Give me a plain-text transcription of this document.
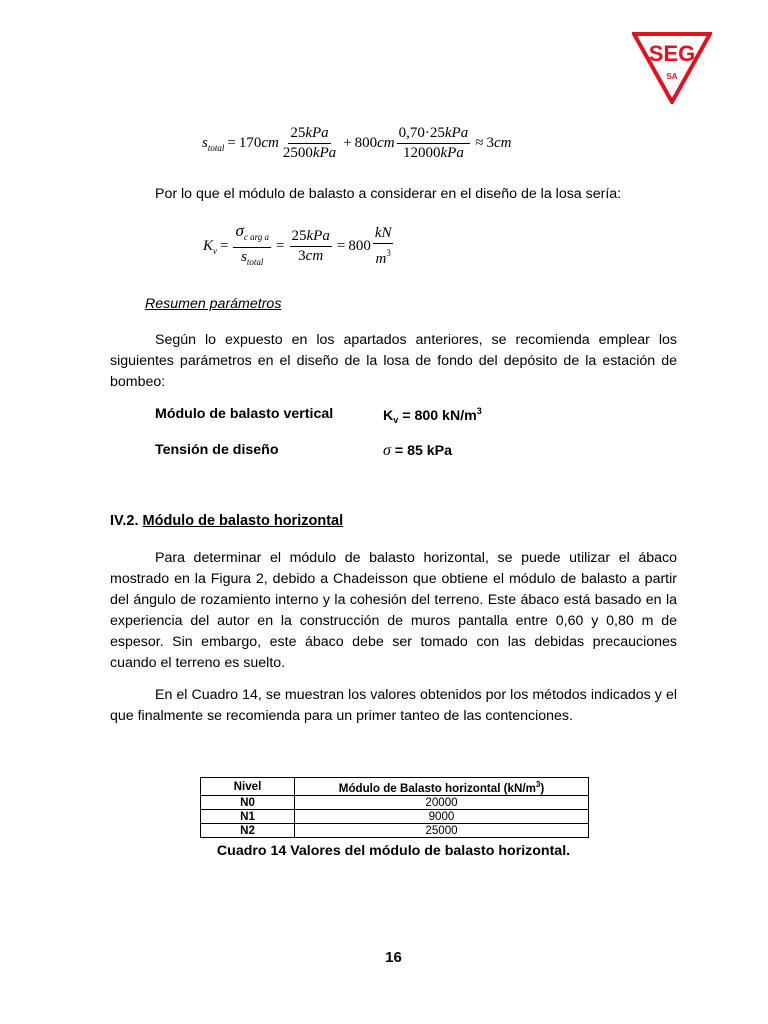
SEG
SA
$s_{total} = 170$ cm $\frac{\text{25kPa}}{\text{2500kPa}} + 800$ cm $\frac{\text{0,70·25kPa}}{\text{12000kPa}} \approx 3$ cm
Por lo que el módulo de balasto a considerar en el diseño de la losa sería:
$K_v = \frac{\sigma_{c arg a}}{s_{total}} = \frac{\text{25kPa}}{3cm} = 800 \frac{kN}{m^3}$
Resumen parámetros
Según lo expuesto en los apartados anteriores, se recomienda emplear los siguientes parámetros en el diseño de la losa de fondo del depósito de la estación de bombeo:
Módulo de balasto vertical	$K_v = 800$ $kN/m^3$
Tensión de diseño	σ = 85 kPa
IV.2. Módulo de balasto horizontal
Para determinar el módulo de balasto horizontal, se puede utilizar el ábaco mostrado en la Figura 2, debido a Chadeisson que obtiene el módulo de balasto a partir del ángulo de rozamiento interno y la cohesión del terreno. Este ábaco está basado en la experiencia del autor en la construcción de muros pantalla entre 0,60 y 0,80 m de espesor. Sin embargo, este ábaco debe ser tomado con las debidas precauciones cuando el terreno es suelto.
En el Cuadro 14, se muestran los valores obtenidos por los métodos indicados y el que finalmente se recomienda para un primer tanteo de las contenciones.
Nivel	Módulo de Balasto horizontal $(kN/m^3)$
N0	20000
N1	9000
N2	25000
Cuadro 14 Valores del módulo de balasto horizontal.
16
